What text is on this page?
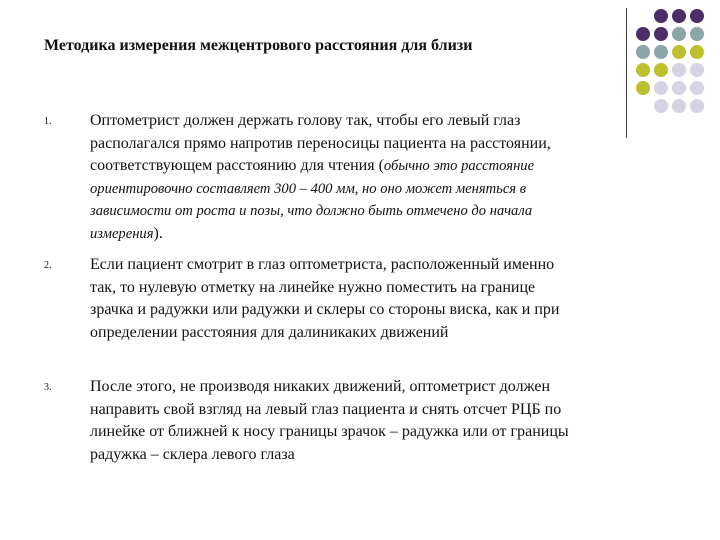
Методика измерения межцентрового расстояния для близи
1.	Оптометрист должен держать голову так, чтобы его левый глаз
располагался прямо напротив переносицы пациента на расстоянии,
соответствующем расстоянию для чтения (обычно это расстояние
ориентировочно составляет 300 – 400 мм, но оно может меняться в
зависимости от роста и позы, что должно быть отмечено до начала
измерения).
2.	Если пациент смотрит в глаз оптометриста, расположенный именно
так, то нулевую отметку на линейке нужно поместить на границе
зрачка и радужки или радужки и склеры со стороны виска, как и при
определении расстояния для далиникаких движений
3.	После этого, не производя никаких движений, оптометрист должен
направить свой взгляд на левый глаз пациента и снять отсчет РЦБ по
линейке от ближней к носу границы зрачок – радужка или от границы
радужка – склера левого глаза
